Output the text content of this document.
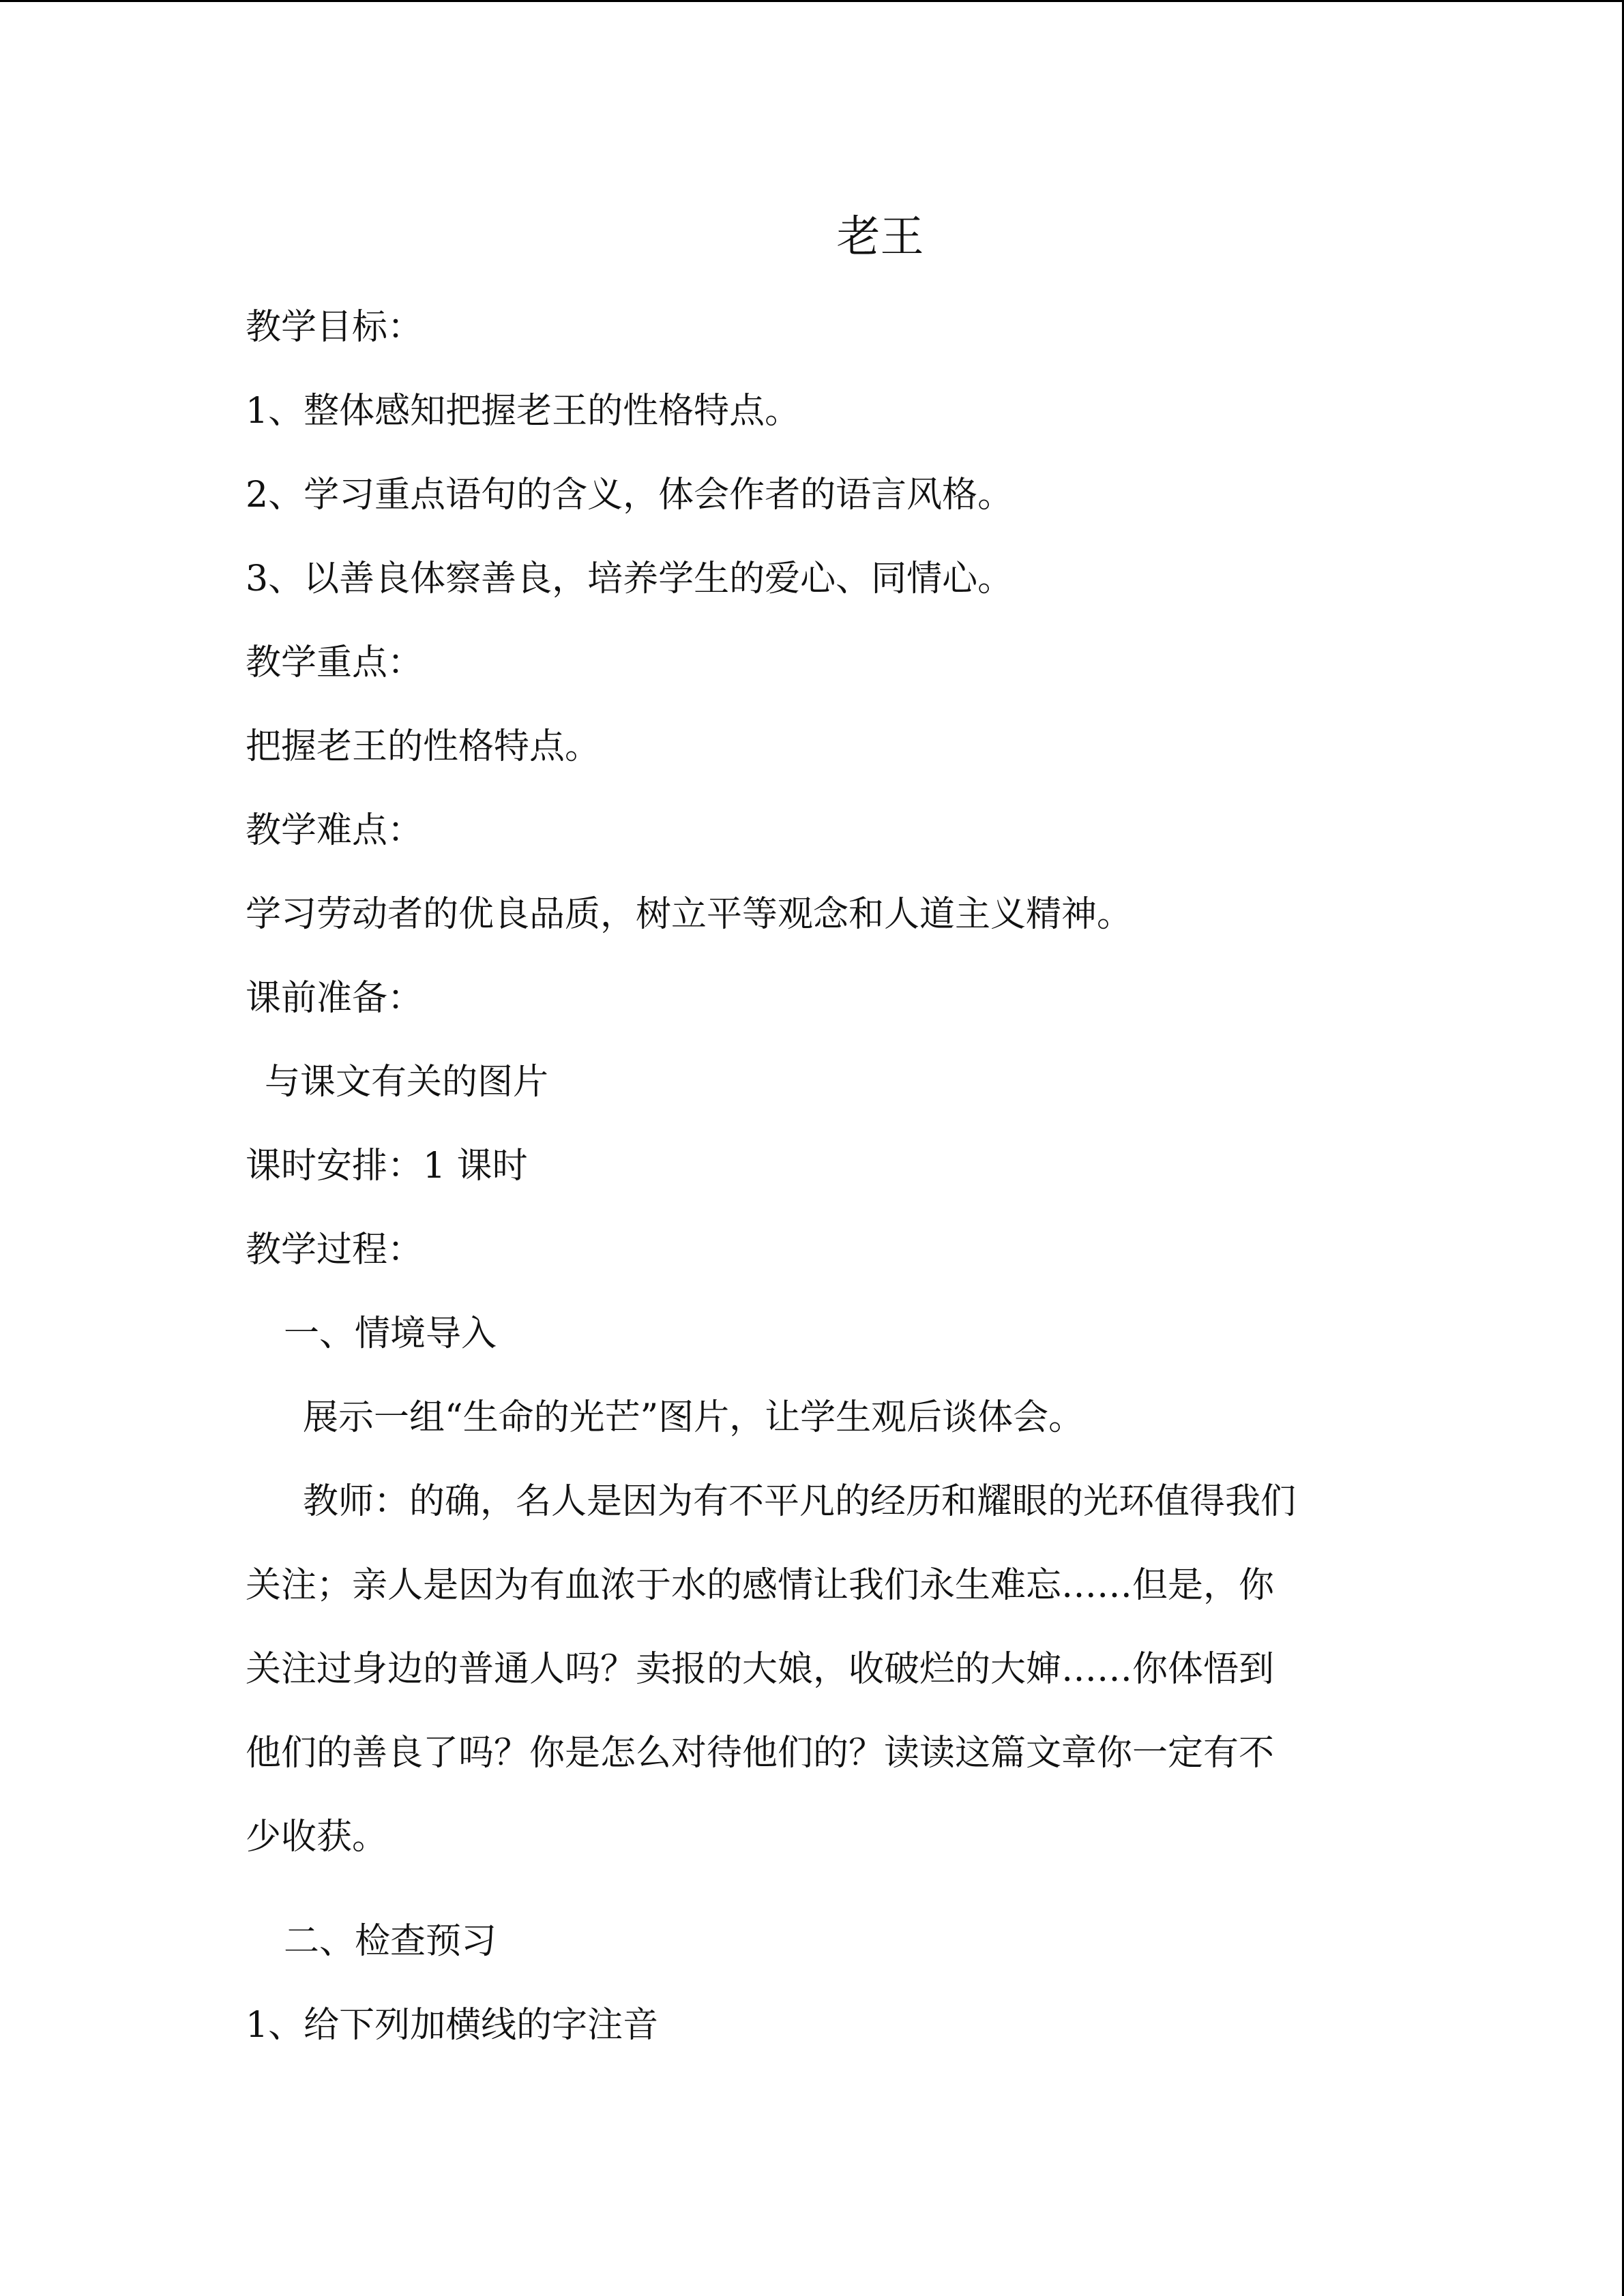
老王
教学目标：
1、整体感知把握老王的性格特点。
2、学习重点语句的含义，体会作者的语言风格。
3、以善良体察善良，培养学生的爱心、同情心。
教学重点：
把握老王的性格特点。
教学难点：
学习劳动者的优良品质，树立平等观念和人道主义精神。
课前准备：
与课文有关的图片
课时安排：1 课时
教学过程：
一、情境导入
展示一组“生命的光芒”图片，让学生观后谈体会。
教师：的确，名人是因为有不平凡的经历和耀眼的光环值得我们
关注；亲人是因为有血浓于水的感情让我们永生难忘……但是，你
关注过身边的普通人吗？卖报的大娘，收破烂的大婶……你体悟到
他们的善良了吗？你是怎么对待他们的？读读这篇文章你一定有不
少收获。
二、检查预习
1、给下列加横线的字注音
